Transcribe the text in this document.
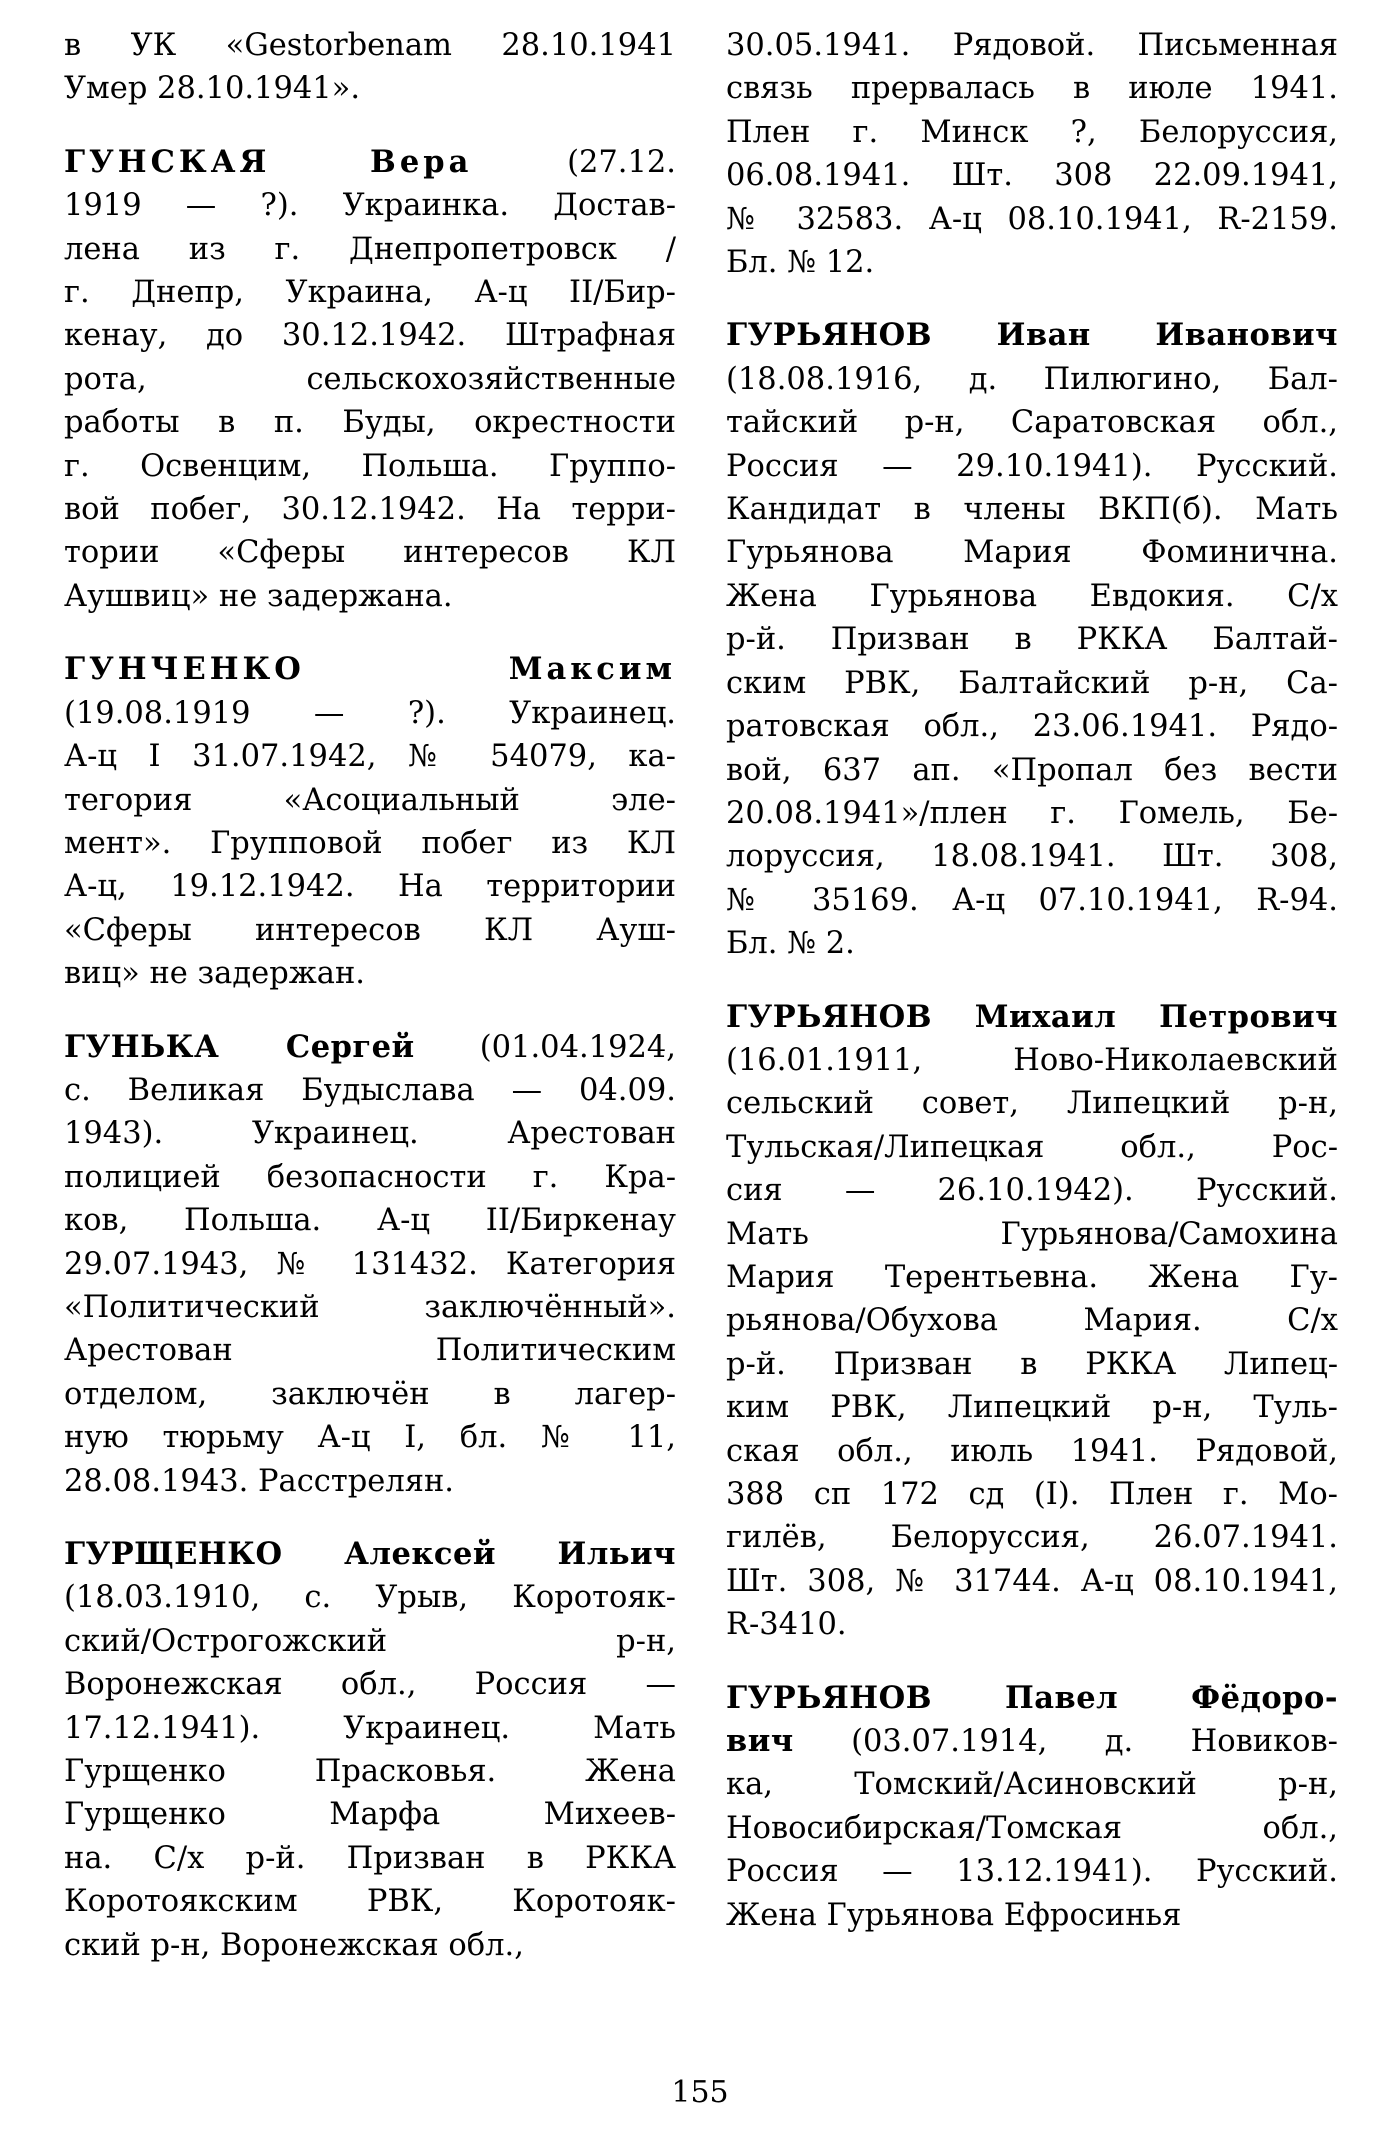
в УК «Gestorbenam 28.10.1941
Умер 28.10.1941».

ГУНСКАЯ Вера (27.12.
1919 — ?). Украинка. Достав-
лена из г. Днепропетровск /
г. Днепр, Украина, А-ц II/Бир-
кенау, до 30.12.1942. Штрафная
рота, сельскохозяйственные
работы в п. Буды, окрестности
г. Освенцим, Польша. Группо-
вой побег, 30.12.1942. На терри-
тории «Сферы интересов КЛ
Аушвиц» не задержана.

ГУНЧЕНКО Максим
(19.08.1919 — ?). Украинец.
А-ц I 31.07.1942, № 54079, ка-
тегория «Асоциальный эле-
мент». Групповой побег из КЛ
А-ц, 19.12.1942. На территории
«Сферы интересов КЛ Ауш-
виц» не задержан.

ГУНЬКА Сергей (01.04.1924,
с. Великая Будыслава — 04.09.
1943). Украинец. Арестован
полицией безопасности г. Кра-
ков, Польша. А-ц II/Биркенау
29.07.1943, № 131432. Категория
«Политический заключённый».
Арестован Политическим
отделом, заключён в лагер-
ную тюрьму А-ц I, бл. № 11,
28.08.1943. Расстрелян.

ГУРЩЕНКО Алексей Ильич
(18.03.1910, с. Урыв, Коротояк-
ский/Острогожский р-н,
Воронежская обл., Россия —
17.12.1941). Украинец. Мать
Гурщенко Прасковья. Жена
Гурщенко Марфа Михеев-
на. С/х р-й. Призван в РККА
Коротоякским РВК, Коротояк-
ский р-н, Воронежская обл.,

30.05.1941. Рядовой. Письменная
связь прервалась в июле 1941.
Плен г. Минск ?, Белоруссия,
06.08.1941. Шт. 308 22.09.1941,
№ 32583. А-ц 08.10.1941, R-2159.
Бл. № 12.

ГУРЬЯНОВ Иван Иванович
(18.08.1916, д. Пилюгино, Бал-
тайский р-н, Саратовская обл.,
Россия — 29.10.1941). Русский.
Кандидат в члены ВКП(б). Мать
Гурьянова Мария Фоминична.
Жена Гурьянова Евдокия. С/х
р-й. Призван в РККА Балтай-
ским РВК, Балтайский р-н, Са-
ратовская обл., 23.06.1941. Рядо-
вой, 637 ап. «Пропал без вести
20.08.1941»/плен г. Гомель, Бе-
лоруссия, 18.08.1941. Шт. 308,
№ 35169. А-ц 07.10.1941, R-94.
Бл. № 2.

ГУРЬЯНОВ Михаил Петрович
(16.01.1911, Ново-Николаевский
сельский совет, Липецкий р-н,
Тульская/Липецкая обл., Рос-
сия — 26.10.1942). Русский.
Мать Гурьянова/Самохина
Мария Терентьевна. Жена Гу-
рьянова/Обухова Мария. С/х
р-й. Призван в РККА Липец-
ким РВК, Липецкий р-н, Туль-
ская обл., июль 1941. Рядовой,
388 сп 172 сд (I). Плен г. Мо-
гилёв, Белоруссия, 26.07.1941.
Шт. 308, № 31744. А-ц 08.10.1941,
R-3410.

ГУРЬЯНОВ Павел Фёдоро-
вич (03.07.1914, д. Новиков-
ка, Томский/Асиновский р-н,
Новосибирская/Томская обл.,
Россия — 13.12.1941). Русский.
Жена Гурьянова Ефросинья

155
